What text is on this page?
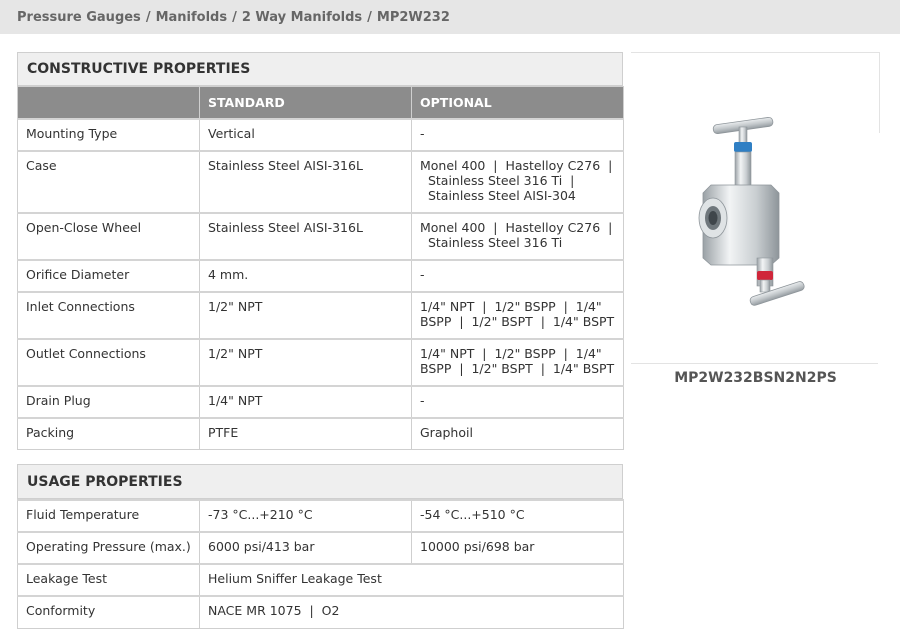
Pressure Gauges / Manifolds / 2 Way Manifolds / MP2W232
CONSTRUCTIVE PROPERTIES
	STANDARD	OPTIONAL
Mounting Type	Vertical	-
Case	Stainless Steel AISI-316L	Monel 400  |  Hastelloy C276  |  Stainless Steel 316 Ti  |  Stainless Steel AISI-304
Open-Close Wheel	Stainless Steel AISI-316L	Monel 400  |  Hastelloy C276  |  Stainless Steel 316 Ti
Orifice Diameter	4 mm.	-
Inlet Connections	1/2" NPT	1/4" NPT  |  1/2" BSPP  |  1/4" BSPP  |  1/2" BSPT  |  1/4" BSPT
Outlet Connections	1/2" NPT	1/4" NPT  |  1/2" BSPP  |  1/4" BSPP  |  1/2" BSPT  |  1/4" BSPT
Drain Plug	1/4" NPT	-
Packing	PTFE	Graphoil
USAGE PROPERTIES
Fluid Temperature	-73 °C...+210 °C	-54 °C...+510 °C
Operating Pressure (max.)	6000 psi/413 bar	10000 psi/698 bar
Leakage Test	Helium Sniffer Leakage Test	
Conformity	NACE MR 1075  |  O2	
MP2W232BSN2N2PS
